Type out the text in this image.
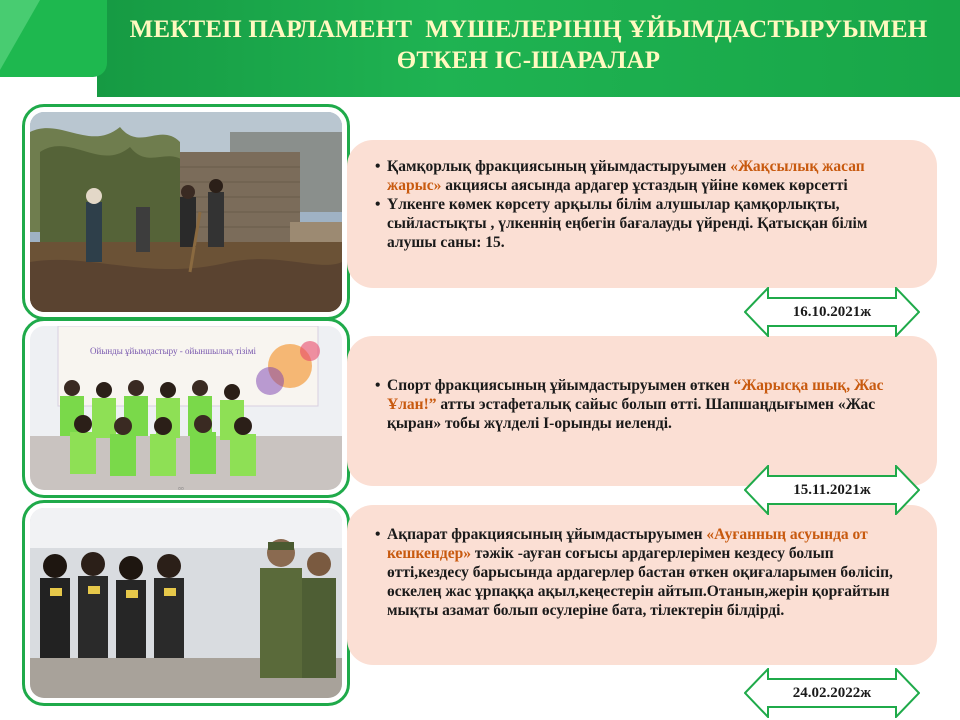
МЕКТЕП ПАРЛАМЕНТ  МҮШЕЛЕРІНІҢ ҰЙЫМДАСТЫРУЫМЕН
ӨТКЕН ІС-ШАРАЛАР
Ойынды ұйымдастыру - ойыншылық тізімі
▫▫
• Қамқорлық фракциясының ұйымдастыруымен «Жақсылық жасап жарыс» акциясы аясында ардагер ұстаздың үйіне көмек көрсетті
• Үлкенге көмек көрсету арқылы білім алушылар қамқорлықты, сыйластықты , үлкеннің еңбегін бағалауды үйренді. Қатысқан білім алушы саны: 15.
• Спорт фракциясының ұйымдастыруымен өткен “Жарысқа шық, Жас Ұлан!” атты эстафеталық сайыс болып өтті. Шапшаңдығымен «Жас қыран» тобы жүлделі І-орынды иеленді.
• Ақпарат фракциясының ұйымдастыруымен «Ауғанның асуында от кешкендер» тәжік -ауған соғысы ардагерлерімен кездесу болып өтті,кездесу барысында ардагерлер бастан өткен оқиғаларымен бөлісіп, өскелең жас ұрпаққа ақыл,кеңестерін айтып.Отанын,жерін қорғайтын мықты азамат болып өсулеріне бата, тілектерін білдірді.
16.10.2021ж
15.11.2021ж
24.02.2022ж
